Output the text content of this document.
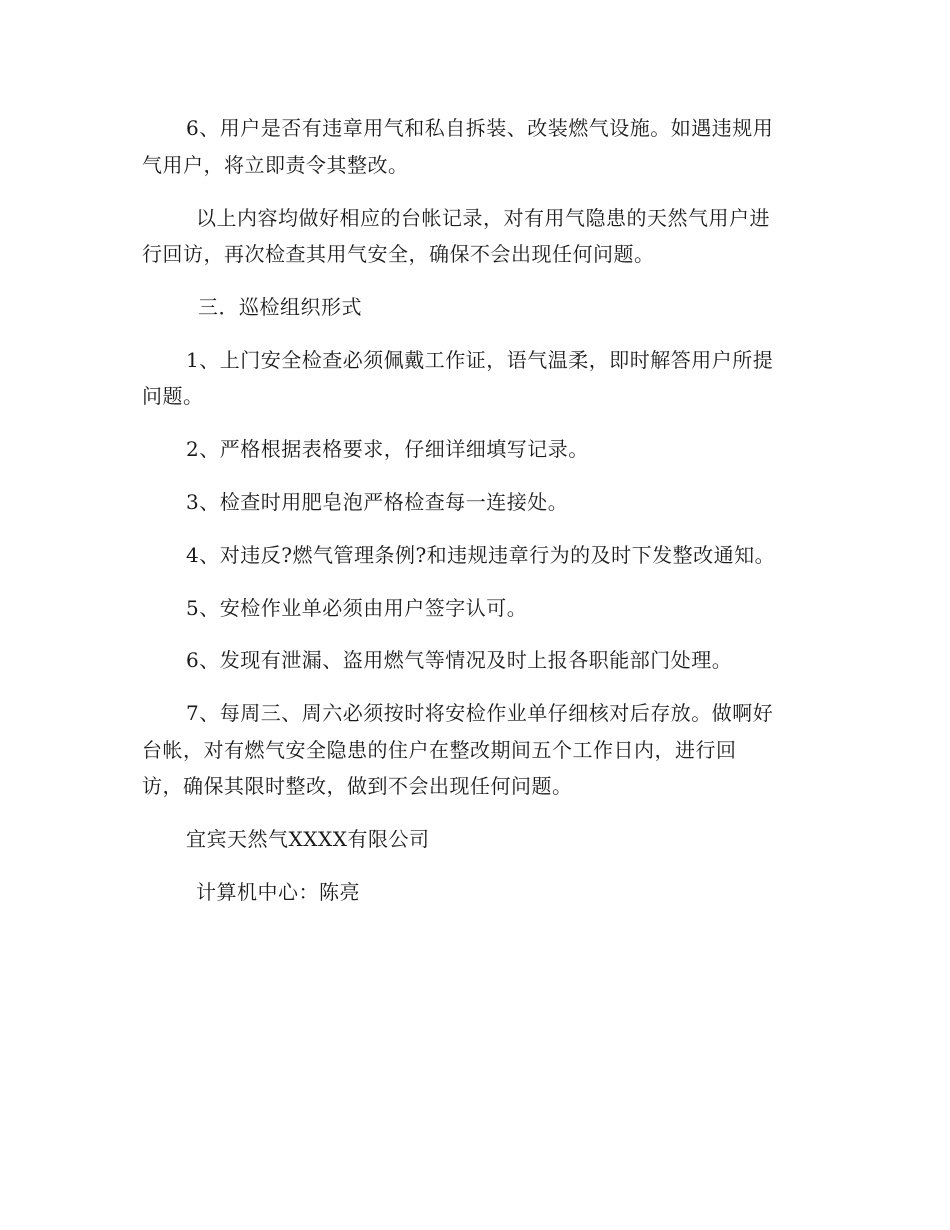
6、用户是否有违章用气和私自拆装、改装燃气设施。如遇违规用
气用户，将立即责令其整改。
以上内容均做好相应的台帐记录，对有用气隐患的天然气用户进
行回访，再次检查其用气安全，确保不会出现任何问题。
三．巡检组织形式
1、上门安全检查必须佩戴工作证，语气温柔，即时解答用户所提
问题。
2、严格根据表格要求，仔细详细填写记录。
3、检查时用肥皂泡严格检查每一连接处。
4、对违反?燃气管理条例?和违规违章行为的及时下发整改通知。
5、安检作业单必须由用户签字认可。
6、发现有泄漏、盗用燃气等情况及时上报各职能部门处理。
7、每周三、周六必须按时将安检作业单仔细核对后存放。做啊好
台帐，对有燃气安全隐患的住户在整改期间五个工作日内，进行回
访，确保其限时整改，做到不会出现任何问题。
宜宾天然气XXXX有限公司
计算机中心：陈亮
